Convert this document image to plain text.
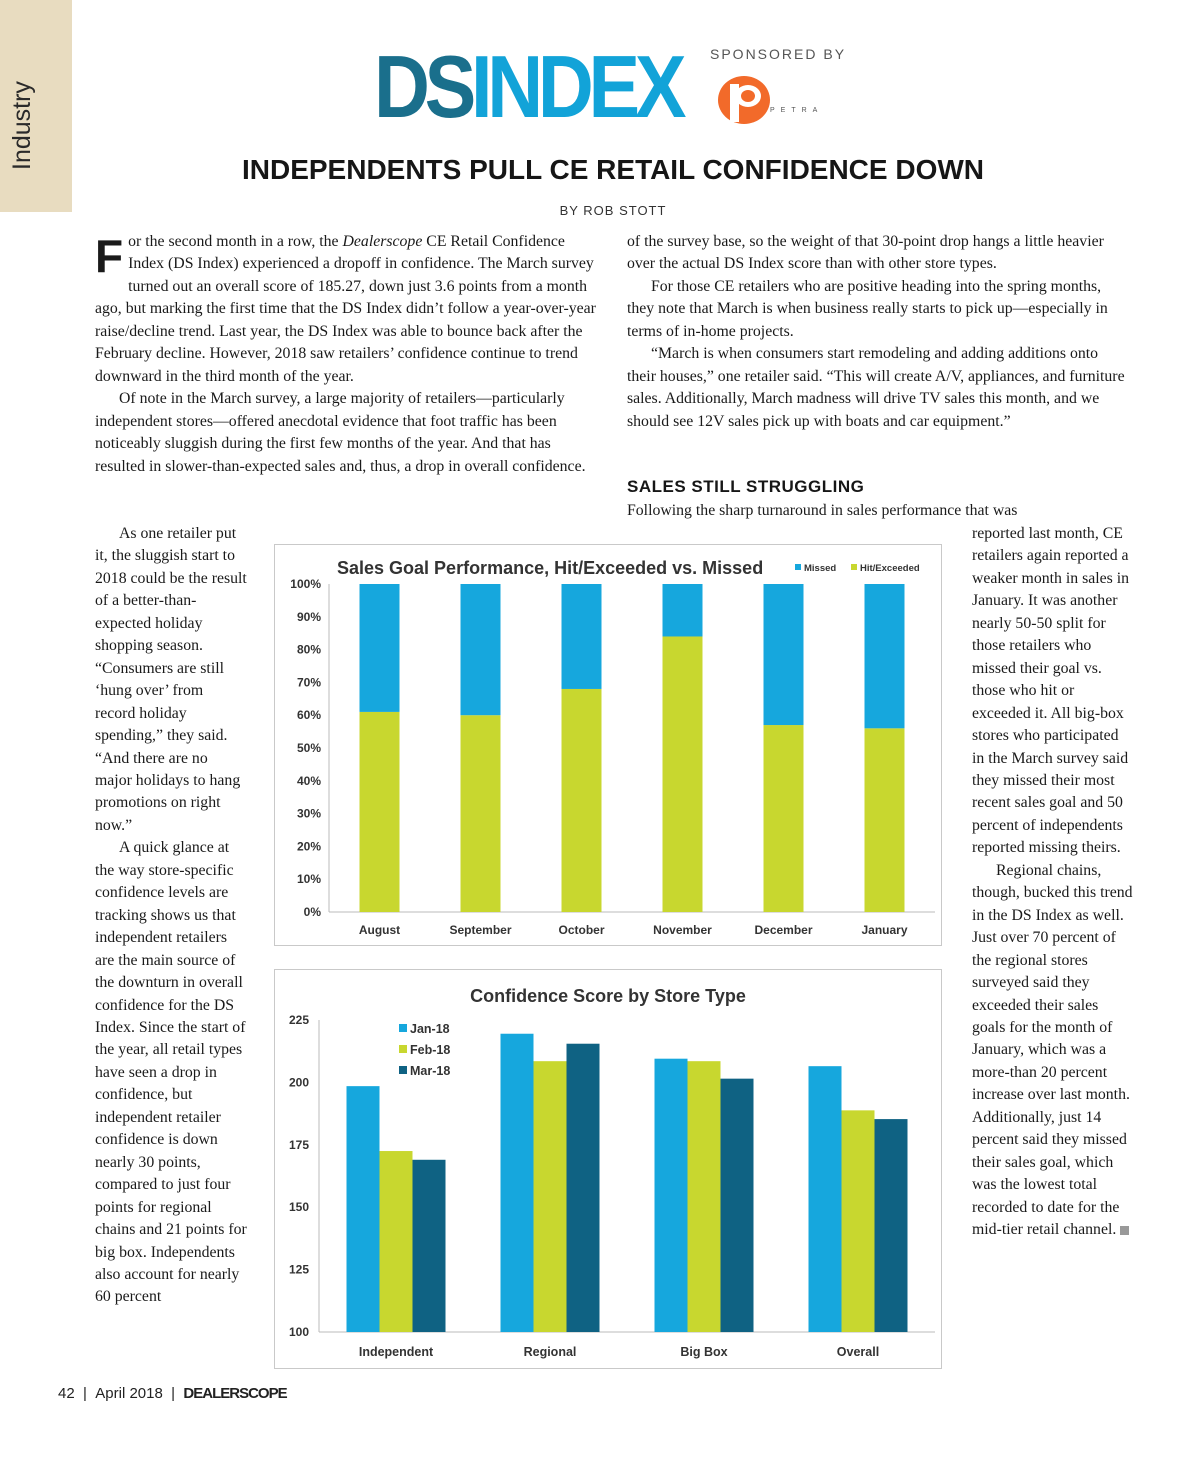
Industry	DSINDEX SPONSORED BY
PETRA
INDEPENDENTS PULL CE RETAIL CONFIDENCE DOWN
BY ROB STOTT

For the second month in a row, the Dealerscope CE Retail Confidence Index (DS Index) experienced a dropoff in confidence. The March survey turned out an overall score of 185.27, down just 3.6 points from a month ago, but marking the first time that the DS Index didn’t follow a year-over-year raise/decline trend. Last year, the DS Index was able to bounce back after the February decline. However, 2018 saw retailers’ confidence continue to trend downward in the third month of the year.

Of note in the March survey, a large majority of retailers—particularly independent stores—offered anecdotal evidence that foot traffic has been noticeably sluggish during the first few months of the year. And that has resulted in slower-than-expected sales and, thus, a drop in overall confidence.

As one retailer put it, the sluggish start to 2018 could be the result of a better-than-expected holiday shopping season. “Consumers are still ‘hung over’ from record holiday spending,” they said. “And there are no major holidays to hang promotions on right now.”

A quick glance at the way store-specific confidence levels are tracking shows us that independent retailers are the main source of the downturn in overall confidence for the DS Index. Since the start of the year, all retail types have seen a drop in confidence, but independent retailer confidence is down nearly 30 points, compared to just four points for regional chains and 21 points for big box. Independents also account for nearly 60 percent

of the survey base, so the weight of that 30-point drop hangs a little heavier over the actual DS Index score than with other store types.

For those CE retailers who are positive heading into the spring months, they note that March is when business really starts to pick up—especially in terms of in-home projects.

“March is when consumers start remodeling and adding additions onto their houses,” one retailer said. “This will create A/V, appliances, and furniture sales. Additionally, March madness will drive TV sales this month, and we should see 12V sales pick up with boats and car equipment.”

SALES STILL STRUGGLING
Following the sharp turnaround in sales performance that was

reported last month, CE retailers again reported a weaker month in sales in January. It was another nearly 50-50 split for those retailers who missed their goal vs. those who hit or exceeded it. All big-box stores who participated in the March survey said they missed their most recent sales goal and 50 percent of independents reported missing theirs.

Regional chains, though, bucked this trend in the DS Index as well. Just over 70 percent of the regional stores surveyed said they exceeded their sales goals for the month of January, which was a more-than 20 percent increase over last month. Additionally, just 14 percent said they missed their sales goal, which was the lowest total recorded to date for the mid-tier retail channel.

Sales Goal Performance, Hit/Exceeded vs. Missed	Missed	Hit/Exceeded
0%
10%
20%
30%
40%
50%
60%
70%
80%
90%
100%
August	September	October	November	December	January
Confidence Score by Store Type
100
125
150
175
200
225
Jan-18
Feb-18
Mar-18
Independent	Regional	Big Box	Overall
42 | April 2018 | DEALERSCOPE
